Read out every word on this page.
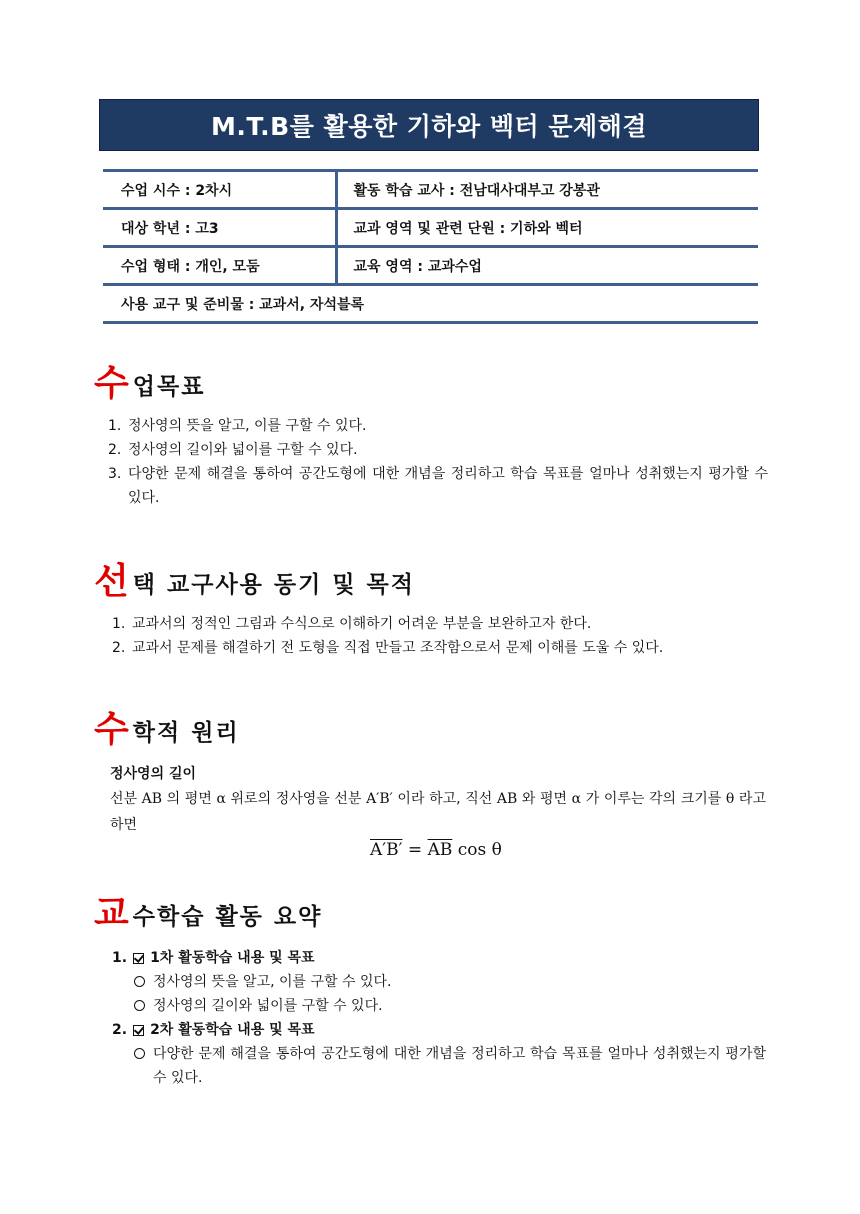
M.T.B를 활용한 기하와 벡터 문제해결
수업 시수 : 2차시	활동 학습 교사 : 전남대사대부고 강봉관
대상 학년 : 고3	교과 영역 및 관련 단원 : 기하와 벡터
수업 형태 : 개인, 모둠	교육 영역 : 교과수업
사용 교구 및 준비물 : 교과서, 자석블록	
수 업목표
1. 정사영의 뜻을 알고, 이를 구할 수 있다.
2. 정사영의 길이와 넓이를 구할 수 있다.
3. 다양한 문제 해결을 통하여 공간도형에 대한 개념을 정리하고 학습 목표를 얼마나 성취했는지 평가할 수 있다.
선 택 교구사용 동기 및 목적
1. 교과서의 정적인 그림과 수식으로 이해하기 어려운 부분을 보완하고자 한다.
2. 교과서 문제를 해결하기 전 도형을 직접 만들고 조작함으로서 문제 이해를 도울 수 있다.
수 학적 원리
정사영의 길이
선분 AB 의 평면 α 위로의 정사영을 선분 A′B′ 이라 하고, 직선 AB 와 평면 α 가 이루는 각의 크기를 θ 라고 하면
$A'B' = \overline{AB}$ cos θ
교 수학습 활동 요약
1. 1차 활동학습 내용 및 목표
정사영의 뜻을 알고, 이를 구할 수 있다.
정사영의 길이와 넓이를 구할 수 있다.
2. 2차 활동학습 내용 및 목표
다양한 문제 해결을 통하여 공간도형에 대한 개념을 정리하고 학습 목표를 얼마나 성취했는지 평가할 수 있다.
